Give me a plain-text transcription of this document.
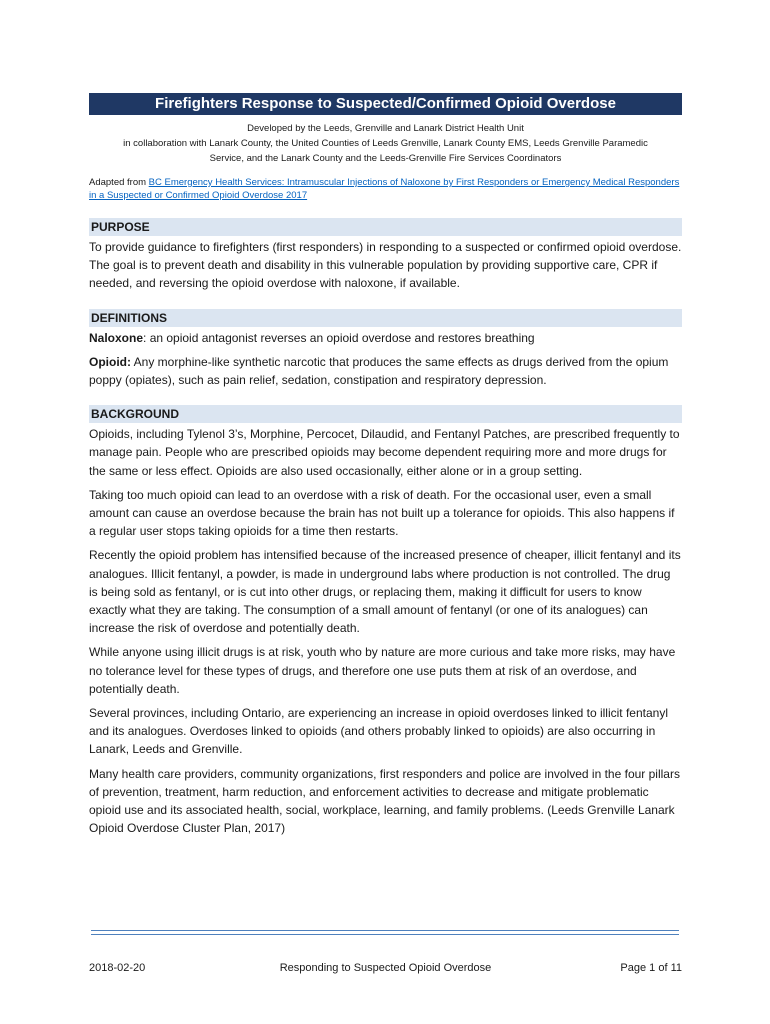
Firefighters Response to Suspected/Confirmed Opioid Overdose
Developed by the Leeds, Grenville and Lanark District Health Unit
in collaboration with Lanark County, the United Counties of Leeds Grenville, Lanark County EMS, Leeds Grenville Paramedic
Service, and the Lanark County and the Leeds-Grenville Fire Services Coordinators
Adapted from BC Emergency Health Services: Intramuscular Injections of Naloxone by First Responders or Emergency Medical Responders in a Suspected or Confirmed Opioid Overdose 2017
PURPOSE

To provide guidance to firefighters (first responders) in responding to a suspected or confirmed opioid overdose. The goal is to prevent death and disability in this vulnerable population by providing supportive care, CPR if needed, and reversing the opioid overdose with naloxone, if available.

DEFINITIONS

Naloxone: an opioid antagonist reverses an opioid overdose and restores breathing

Opioid: Any morphine-like synthetic narcotic that produces the same effects as drugs derived from the opium poppy (opiates), such as pain relief, sedation, constipation and respiratory depression.

BACKGROUND

Opioids, including Tylenol 3’s, Morphine, Percocet, Dilaudid, and Fentanyl Patches, are prescribed frequently to manage pain. People who are prescribed opioids may become dependent requiring more and more drugs for the same or less effect. Opioids are also used occasionally, either alone or in a group setting.

Taking too much opioid can lead to an overdose with a risk of death. For the occasional user, even a small amount can cause an overdose because the brain has not built up a tolerance for opioids. This also happens if a regular user stops taking opioids for a time then restarts.

Recently the opioid problem has intensified because of the increased presence of cheaper, illicit fentanyl and its analogues. Illicit fentanyl, a powder, is made in underground labs where production is not controlled. The drug is being sold as fentanyl, or is cut into other drugs, or replacing them, making it difficult for users to know exactly what they are taking. The consumption of a small amount of fentanyl (or one of its analogues) can increase the risk of overdose and potentially death.

While anyone using illicit drugs is at risk, youth who by nature are more curious and take more risks, may have no tolerance level for these types of drugs, and therefore one use puts them at risk of an overdose, and potentially death.

Several provinces, including Ontario, are experiencing an increase in opioid overdoses linked to illicit fentanyl and its analogues. Overdoses linked to opioids (and others probably linked to opioids) are also occurring in Lanark, Leeds and Grenville.

Many health care providers, community organizations, first responders and police are involved in the four pillars of prevention, treatment, harm reduction, and enforcement activities to decrease and mitigate problematic opioid use and its associated health, social, workplace, learning, and family problems. (Leeds Grenville Lanark Opioid Overdose Cluster Plan, 2017)

2018-02-20	Responding to Suspected Opioid Overdose	Page 1 of 11
